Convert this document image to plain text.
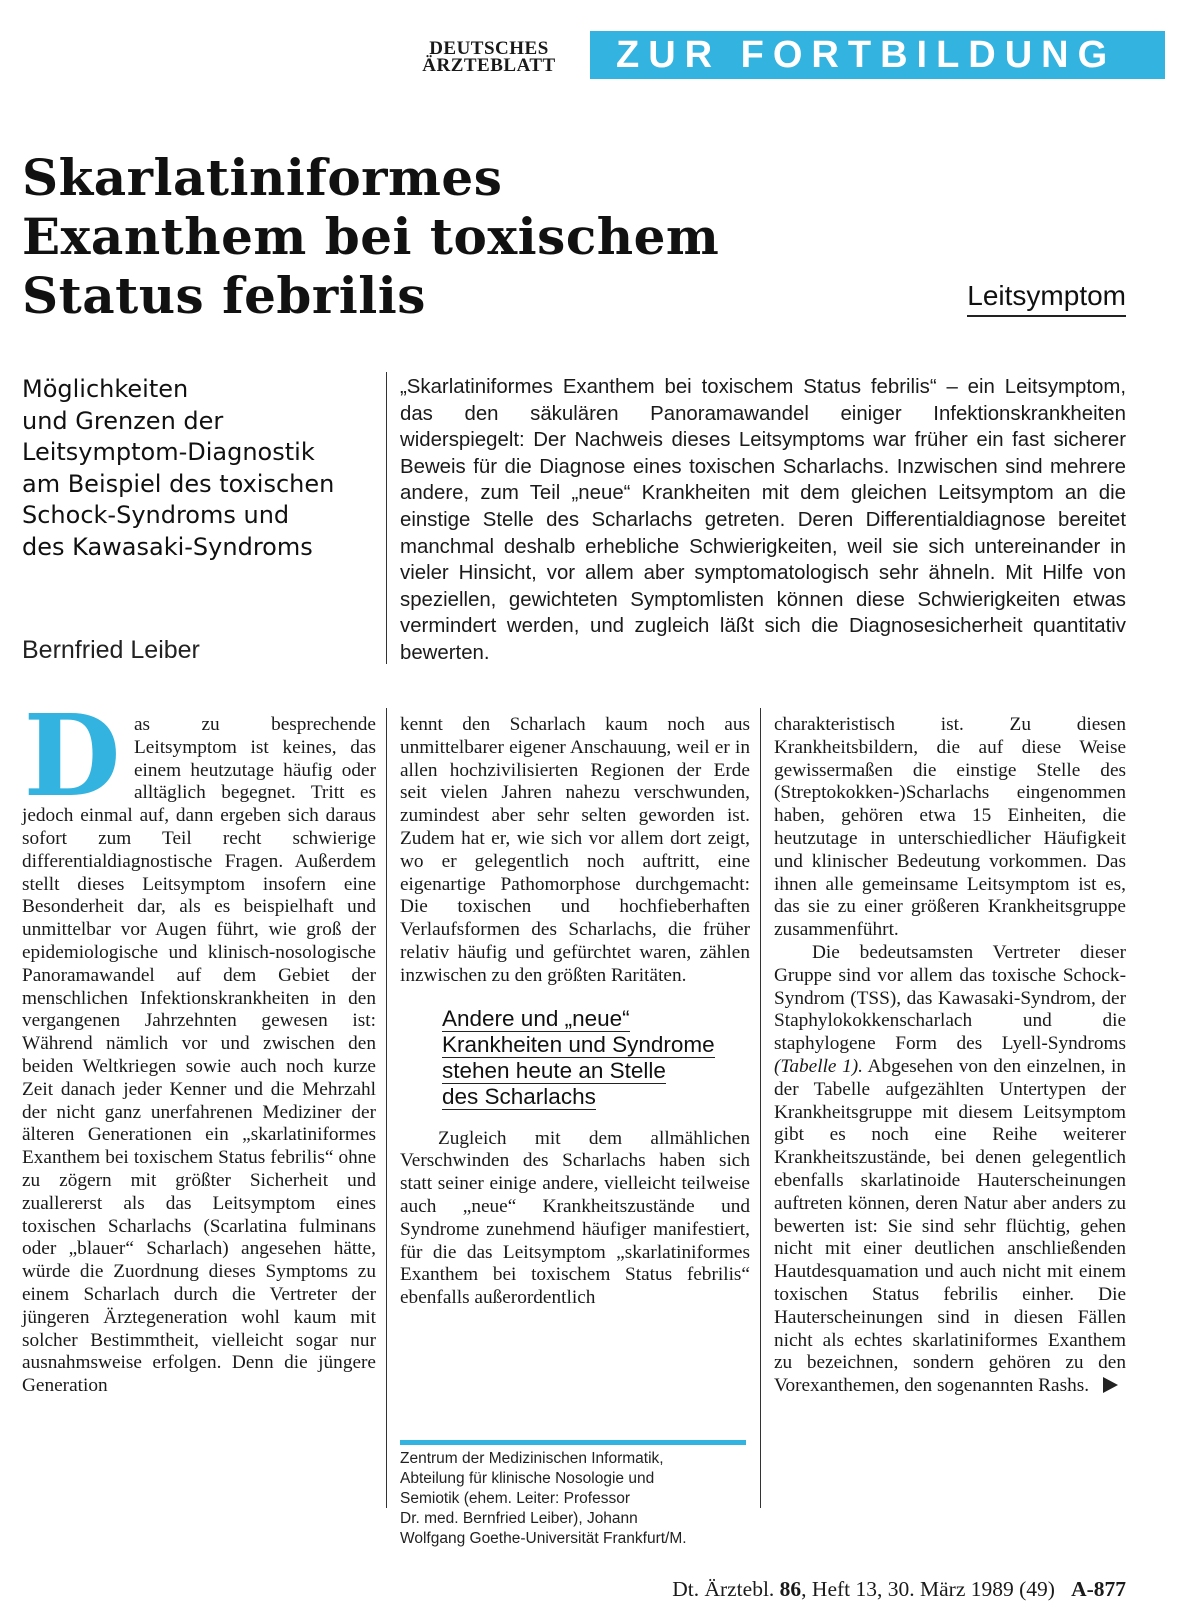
DEUTSCHES
ÄRZTEBLATT	ZUR FORTBILDUNG
Skarlatiniformes
Exanthem bei toxischem
Status febrilis	Leitsymptom
Möglichkeiten
und Grenzen der
Leitsymptom-Diagnostik
am Beispiel des toxischen
Schock-Syndroms und
des Kawasaki-Syndroms
Bernfried Leiber
„Skarlatiniformes Exanthem bei toxischem Status febrilis“ – ein Leitsymptom, das den säkulären Panoramawandel einiger Infektionskrankheiten widerspiegelt: Der Nachweis dieses Leitsymptoms war früher ein fast sicherer Beweis für die Diagnose eines toxischen Scharlachs. Inzwischen sind mehrere andere, zum Teil „neue“ Krankheiten mit dem gleichen Leitsymptom an die einstige Stelle des Scharlachs getreten. Deren Differentialdiagnose bereitet manchmal deshalb erhebliche Schwierigkeiten, weil sie sich untereinander in vieler Hinsicht, vor allem aber symptomatologisch sehr ähneln. Mit Hilfe von speziellen, gewichteten Symptomlisten können diese Schwierigkeiten etwas vermindert werden, und zugleich läßt sich die Diagnosesicherheit quantitativ bewerten.
D as zu besprechende Leitsymptom ist keines, das einem heutzutage häufig oder alltäglich begegnet. Tritt es jedoch einmal auf, dann ergeben sich daraus sofort zum Teil recht schwierige differentialdiagnostische Fragen. Außerdem stellt dieses Leitsymptom insofern eine Besonderheit dar, als es beispielhaft und unmittelbar vor Augen führt, wie groß der epidemiologische und klinisch-nosologische Panoramawandel auf dem Gebiet der menschlichen Infektionskrankheiten in den vergangenen Jahrzehnten gewesen ist: Während nämlich vor und zwischen den beiden Weltkriegen sowie auch noch kurze Zeit danach jeder Kenner und die Mehrzahl der nicht ganz unerfahrenen Mediziner der älteren Generationen ein „skarlatiniformes Exanthem bei toxischem Status febrilis“ ohne zu zögern mit größter Sicherheit und zuallererst als das Leitsymptom eines toxischen Scharlachs (Scarlatina fulminans oder „blauer“ Scharlach) angesehen hätte, würde die Zuordnung dieses Symptoms zu einem Scharlach durch die Vertreter der jüngeren Ärztegeneration wohl kaum mit solcher Bestimmtheit, vielleicht sogar nur ausnahmsweise erfolgen. Denn die jüngere Generation

kennt den Scharlach kaum noch aus unmittelbarer eigener Anschauung, weil er in allen hochzivilisierten Regionen der Erde seit vielen Jahren nahezu verschwunden, zumindest aber sehr selten geworden ist. Zudem hat er, wie sich vor allem dort zeigt, wo er gelegentlich noch auftritt, eine eigenartige Pathomorphose durchgemacht: Die toxischen und hochfieberhaften Verlaufsformen des Scharlachs, die früher relativ häufig und gefürchtet waren, zählen inzwischen zu den größten Raritäten.

Andere und „neue“
Krankheiten und Syndrome
stehen heute an Stelle
des Scharlachs

Zugleich mit dem allmählichen Verschwinden des Scharlachs haben sich statt seiner einige andere, vielleicht teilweise auch „neue“ Krankheitszustände und Syndrome zunehmend häufiger manifestiert, für die das Leitsymptom „skarlatiniformes Exanthem bei toxischem Status febrilis“ ebenfalls außerordentlich

Zentrum der Medizinischen Informatik,
Abteilung für klinische Nosologie und
Semiotik (ehem. Leiter: Professor
Dr. med. Bernfried Leiber), Johann
Wolfgang Goethe-Universität Frankfurt/M.

charakteristisch ist. Zu diesen Krankheitsbildern, die auf diese Weise gewissermaßen die einstige Stelle des (Streptokokken-)Scharlachs eingenommen haben, gehören etwa 15 Einheiten, die heutzutage in unterschiedlicher Häufigkeit und klinischer Bedeutung vorkommen. Das ihnen alle gemeinsame Leitsymptom ist es, das sie zu einer größeren Krankheitsgruppe zusammenführt.

Die bedeutsamsten Vertreter dieser Gruppe sind vor allem das toxische Schock-Syndrom (TSS), das Kawasaki-Syndrom, der Staphylokokkenscharlach und die staphylogene Form des Lyell-Syndroms (Tabelle 1). Abgesehen von den einzelnen, in der Tabelle aufgezählten Untertypen der Krankheitsgruppe mit diesem Leitsymptom gibt es noch eine Reihe weiterer Krankheitszustände, bei denen gelegentlich ebenfalls skarlatinoide Hauterscheinungen auftreten können, deren Natur aber anders zu bewerten ist: Sie sind sehr flüchtig, gehen nicht mit einer deutlichen anschließenden Hautdesquamation und auch nicht mit einem toxischen Status febrilis einher. Die Hauterscheinungen sind in diesen Fällen nicht als echtes skarlatiniformes Exanthem zu bezeichnen, sondern gehören zu den Vorexanthemen, den sogenannten Rashs.

Dt. Ärztebl. 86, Heft 13, 30. März 1989 (49) A-877
